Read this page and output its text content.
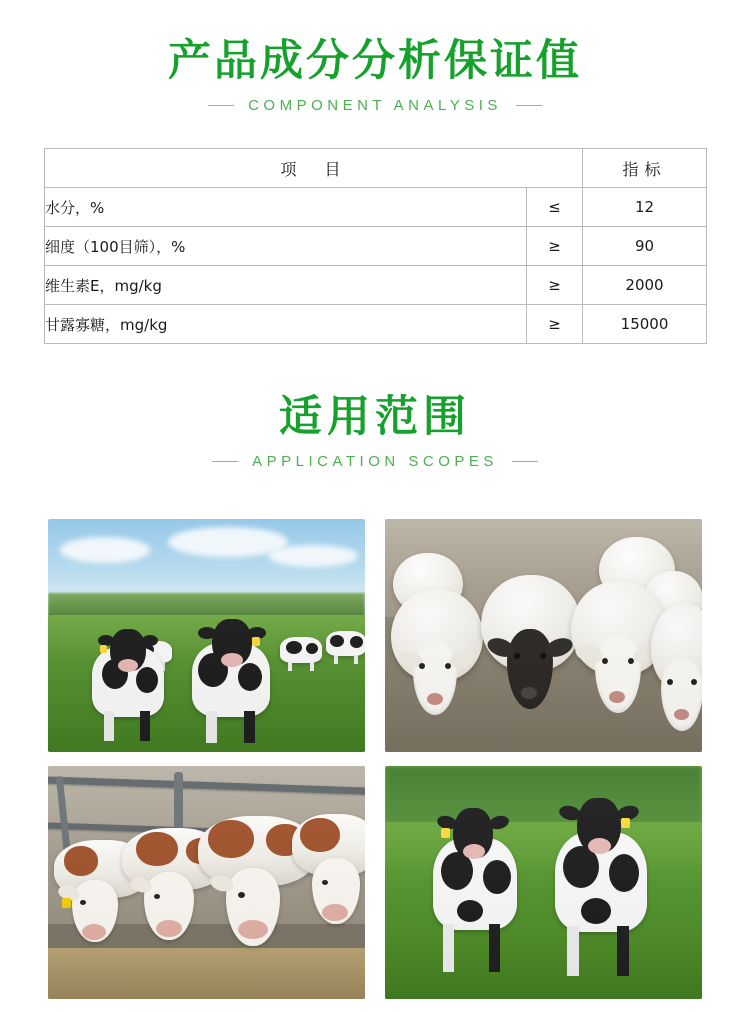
产品成分分析保证值
COMPONENT ANALYSIS
项　目		指标
水分，%	≤	12
细度（100目筛），%	≥	90
维生素E，mg/kg	≥	2000
甘露寡糖，mg/kg	≥	15000
适用范围
APPLICATION SCOPES
